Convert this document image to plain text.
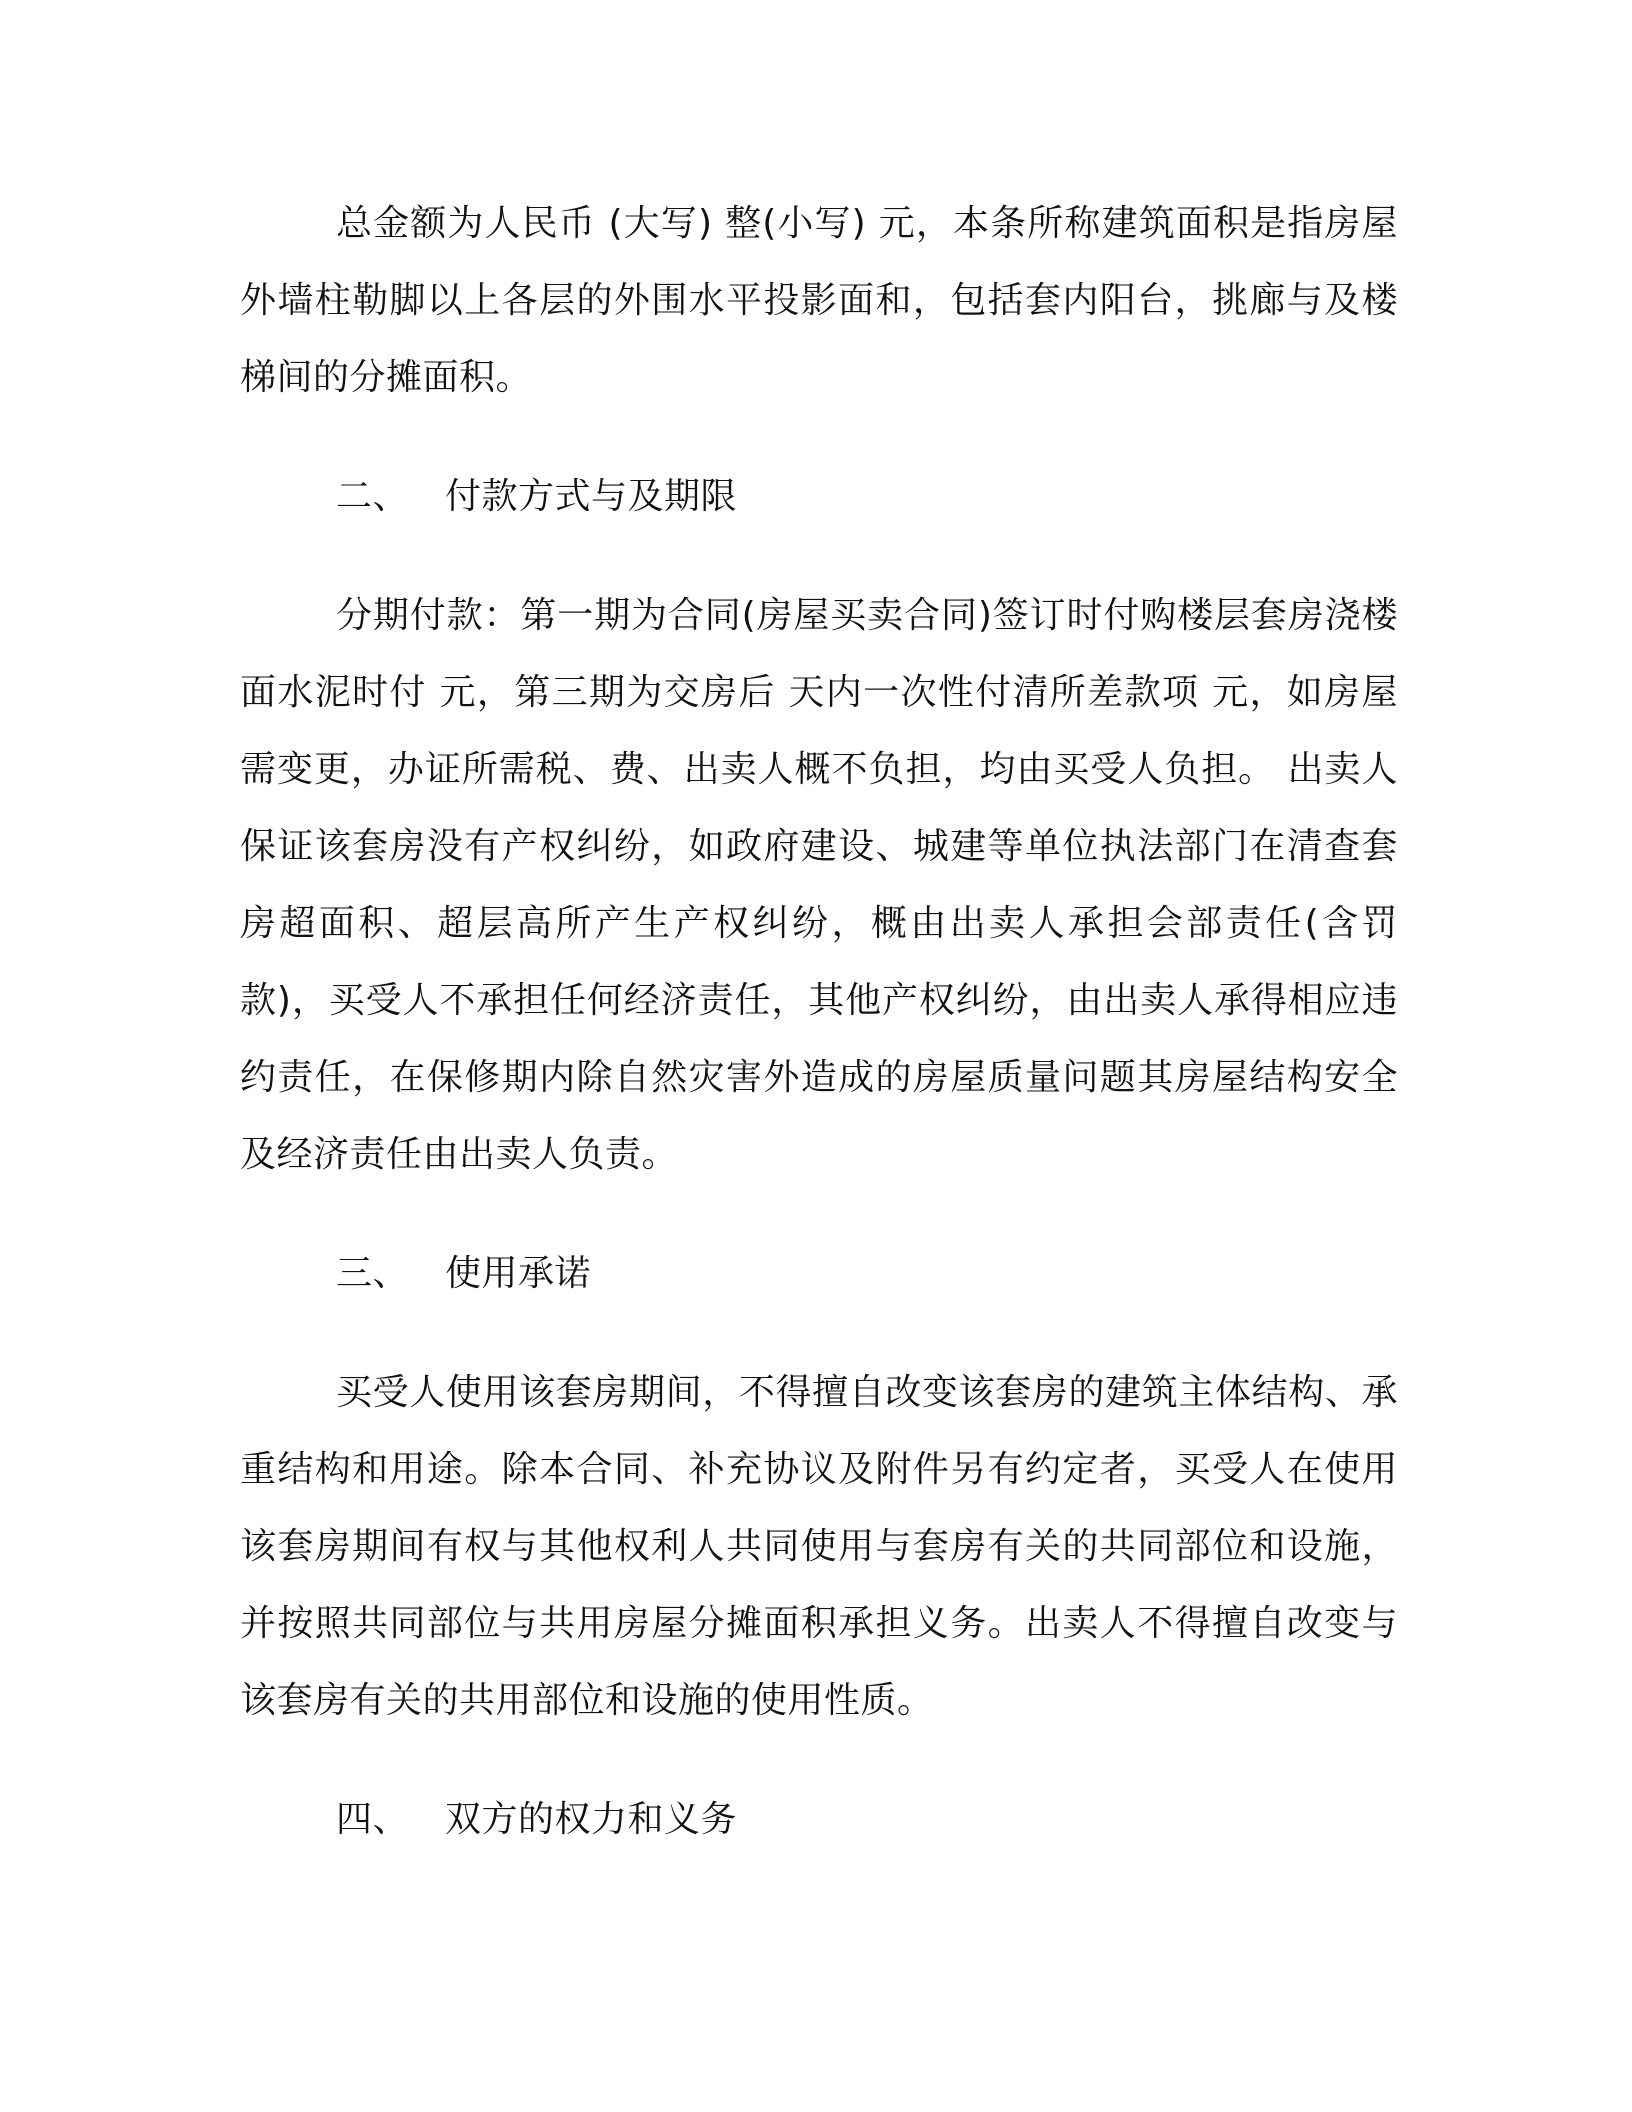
总金额为人民币 (大写) 整(小写) 元，本条所称建筑面积是指房屋外墙柱勒脚以上各层的外围水平投影面和，包括套内阳台，挑廊与及楼梯间的分摊面积。

二、 付款方式与及期限

分期付款：第一期为合同(房屋买卖合同)签订时付购楼层套房浇楼面水泥时付 元，第三期为交房后 天内一次性付清所差款项 元，如房屋需变更，办证所需税、费、出卖人概不负担，均由买受人负担。 出卖人保证该套房没有产权纠纷，如政府建设、城建等单位执法部门在清查套房超面积、超层高所产生产权纠纷，概由出卖人承担会部责任(含罚款)，买受人不承担任何经济责任，其他产权纠纷，由出卖人承得相应违约责任，在保修期内除自然灾害外造成的房屋质量问题其房屋结构安全及经济责任由出卖人负责。

三、 使用承诺

买受人使用该套房期间，不得擅自改变该套房的建筑主体结构、承重结构和用途。除本合同、补充协议及附件另有约定者，买受人在使用该套房期间有权与其他权利人共同使用与套房有关的共同部位和设施，并按照共同部位与共用房屋分摊面积承担义务。出卖人不得擅自改变与该套房有关的共用部位和设施的使用性质。

四、 双方的权力和义务
